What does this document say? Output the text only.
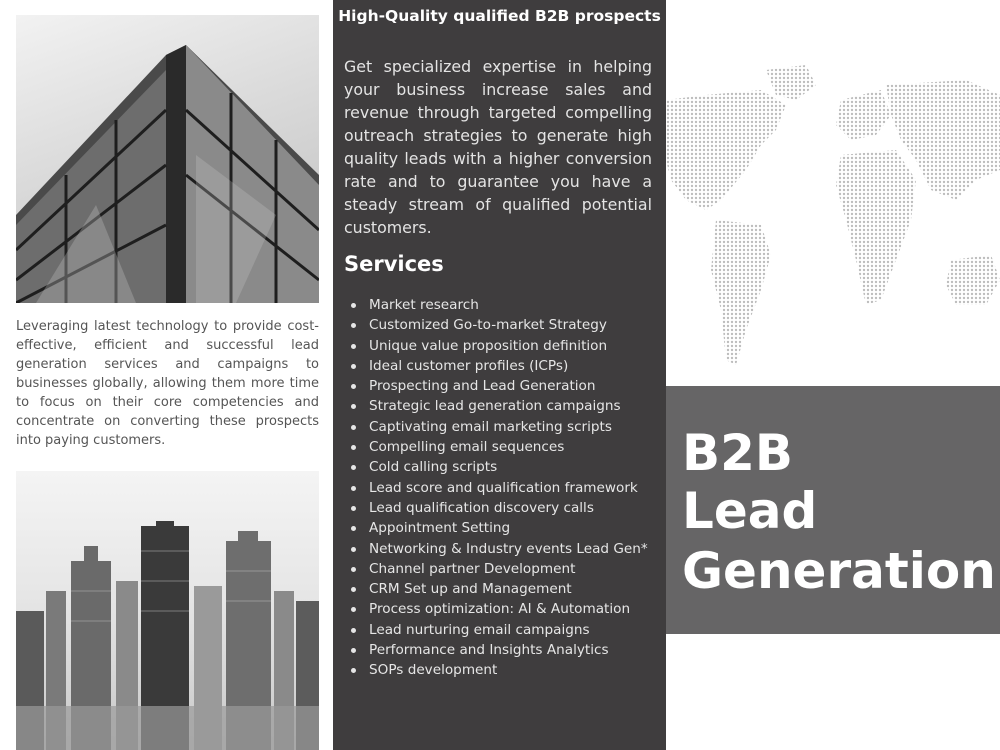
Leveraging latest technology to provide cost-effective, efficient and successful lead generation services and campaigns to businesses globally, allowing them more time to focus on their core competencies and concentrate on converting these prospects into paying customers.

High-Quality qualified B2B prospects

Get specialized expertise in helping your business increase sales and revenue through targeted compelling outreach strategies to generate high quality leads with a higher conversion rate and to guarantee you have a steady stream of qualified potential customers.

Services
Market research
Customized Go-to-market Strategy
Unique value proposition definition
Ideal customer profiles (ICPs)
Prospecting and Lead Generation
Strategic lead generation campaigns
Captivating email marketing scripts
Compelling email sequences
Cold calling scripts
Lead score and qualification framework
Lead qualification discovery calls
Appointment Setting
Networking & Industry events Lead Gen*
Channel partner Development
CRM Set up and Management
Process optimization: AI & Automation
Lead nurturing email campaigns
Performance and Insights Analytics
SOPs development
B2B
Lead
Generation
